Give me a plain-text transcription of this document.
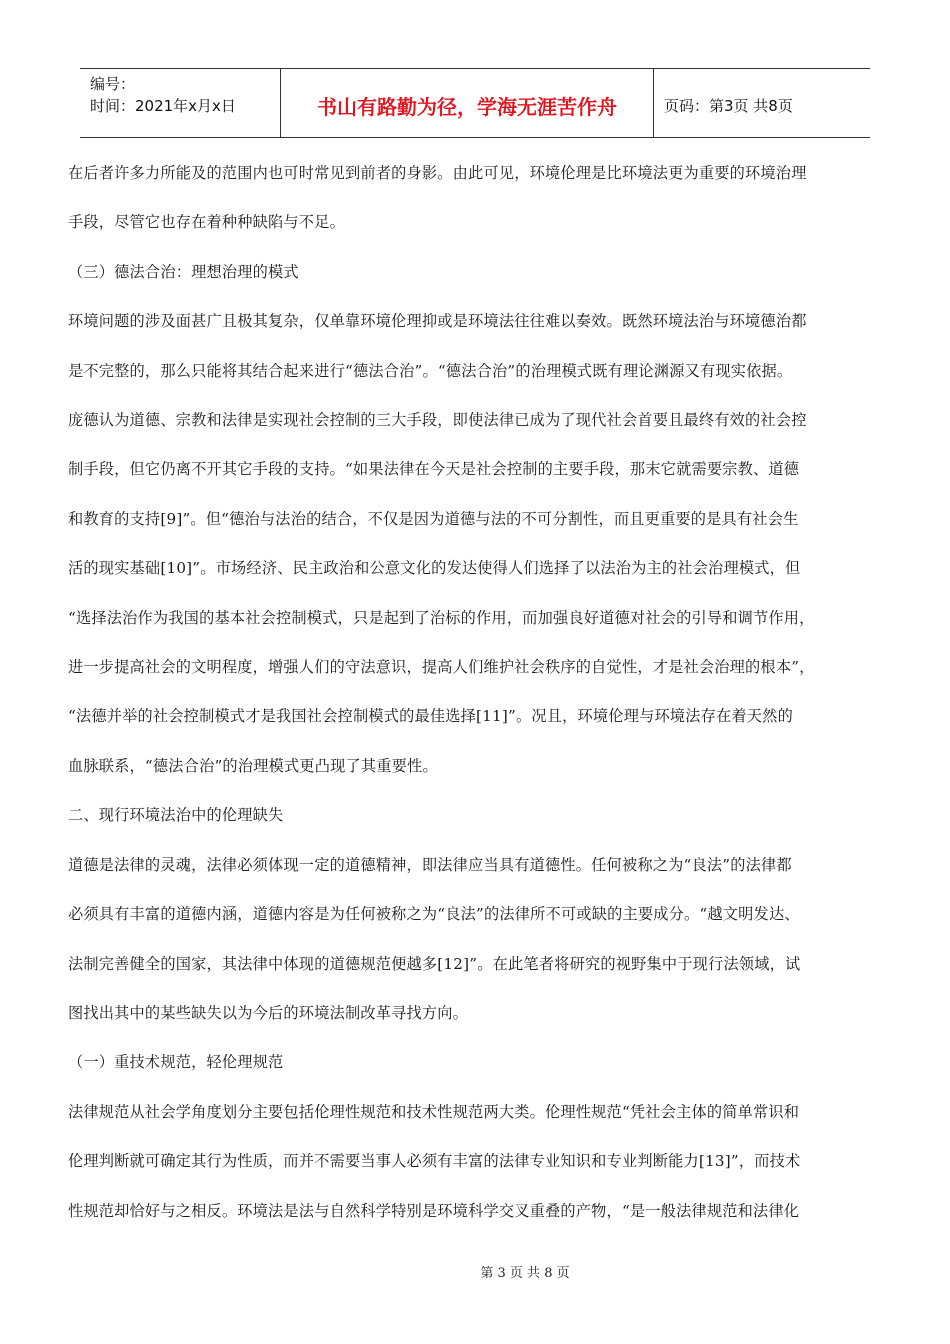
编号：
时间：2021年x月x日	书山有路勤为径，学海无涯苦作舟	页码：第3页 共8页

在后者许多力所能及的范围内也可时常见到前者的身影。由此可见，环境伦理是比环境法更为重要的环境治理

手段，尽管它也存在着种种缺陷与不足。

（三）德法合治：理想治理的模式

环境问题的涉及面甚广且极其复杂，仅单靠环境伦理抑或是环境法往往难以奏效。既然环境法治与环境德治都

是不完整的，那么只能将其结合起来进行“德法合治”。“德法合治”的治理模式既有理论渊源又有现实依据。

庞德认为道德、宗教和法律是实现社会控制的三大手段，即使法律已成为了现代社会首要且最终有效的社会控

制手段，但它仍离不开其它手段的支持。“如果法律在今天是社会控制的主要手段，那末它就需要宗教、道德

和教育的支持[9]”。但“德治与法治的结合，不仅是因为道德与法的不可分割性，而且更重要的是具有社会生

活的现实基础[10]”。市场经济、民主政治和公意文化的发达使得人们选择了以法治为主的社会治理模式，但

“选择法治作为我国的基本社会控制模式，只是起到了治标的作用，而加强良好道德对社会的引导和调节作用，

进一步提高社会的文明程度，增强人们的守法意识，提高人们维护社会秩序的自觉性，才是社会治理的根本”，

“法德并举的社会控制模式才是我国社会控制模式的最佳选择[11]”。况且，环境伦理与环境法存在着天然的

血脉联系，“德法合治”的治理模式更凸现了其重要性。

二、现行环境法治中的伦理缺失

道德是法律的灵魂，法律必须体现一定的道德精神，即法律应当具有道德性。任何被称之为“良法”的法律都

必须具有丰富的道德内涵，道德内容是为任何被称之为“良法”的法律所不可或缺的主要成分。“越文明发达、

法制完善健全的国家，其法律中体现的道德规范便越多[12]”。在此笔者将研究的视野集中于现行法领域，试

图找出其中的某些缺失以为今后的环境法制改革寻找方向。

（一）重技术规范，轻伦理规范

法律规范从社会学角度划分主要包括伦理性规范和技术性规范两大类。伦理性规范“凭社会主体的简单常识和

伦理判断就可确定其行为性质，而并不需要当事人必须有丰富的法律专业知识和专业判断能力[13]”，而技术

性规范却恰好与之相反。环境法是法与自然科学特别是环境科学交叉重叠的产物，“是一般法律规范和法律化

第 3 页 共 8 页
